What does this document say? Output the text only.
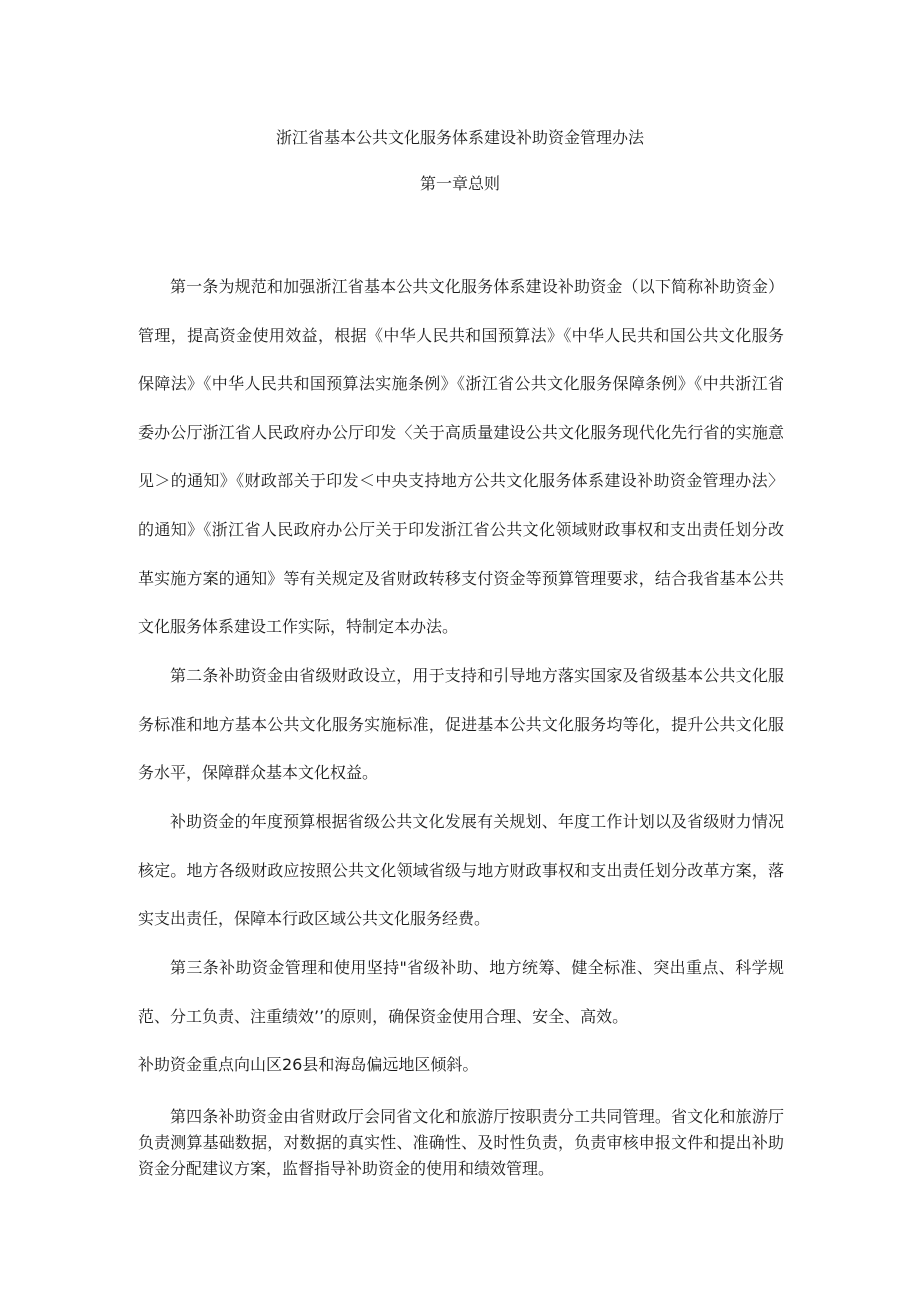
浙江省基本公共文化服务体系建设补助资金管理办法
第一章总则

第一条为规范和加强浙江省基本公共文化服务体系建设补助资金（以下简称补助资金）管理，提高资金使用效益，根据《中华人民共和国预算法》《中华人民共和国公共文化服务保障法》《中华人民共和国预算法实施条例》《浙江省公共文化服务保障条例》《中共浙江省委办公厅浙江省人民政府办公厅印发〈关于高质量建设公共文化服务现代化先行省的实施意见＞的通知》《财政部关于印发＜中央支持地方公共文化服务体系建设补助资金管理办法〉的通知》《浙江省人民政府办公厅关于印发浙江省公共文化领域财政事权和支出责任划分改革实施方案的通知》等有关规定及省财政转移支付资金等预算管理要求，结合我省基本公共文化服务体系建设工作实际，特制定本办法。

第二条补助资金由省级财政设立，用于支持和引导地方落实国家及省级基本公共文化服务标准和地方基本公共文化服务实施标准，促进基本公共文化服务均等化，提升公共文化服务水平，保障群众基本文化权益。

补助资金的年度预算根据省级公共文化发展有关规划、年度工作计划以及省级财力情况核定。地方各级财政应按照公共文化领域省级与地方财政事权和支出责任划分改革方案，落实支出责任，保障本行政区域公共文化服务经费。

第三条补助资金管理和使用坚持"省级补助、地方统筹、健全标准、突出重点、科学规范、分工负责、注重绩效’’的原则，确保资金使用合理、安全、高效。

补助资金重点向山区26县和海岛偏远地区倾斜。

第四条补助资金由省财政厅会同省文化和旅游厅按职责分工共同管理。省文化和旅游厅负责测算基础数据，对数据的真实性、准确性、及时性负责，负责审核申报文件和提出补助资金分配建议方案，监督指导补助资金的使用和绩效管理。
